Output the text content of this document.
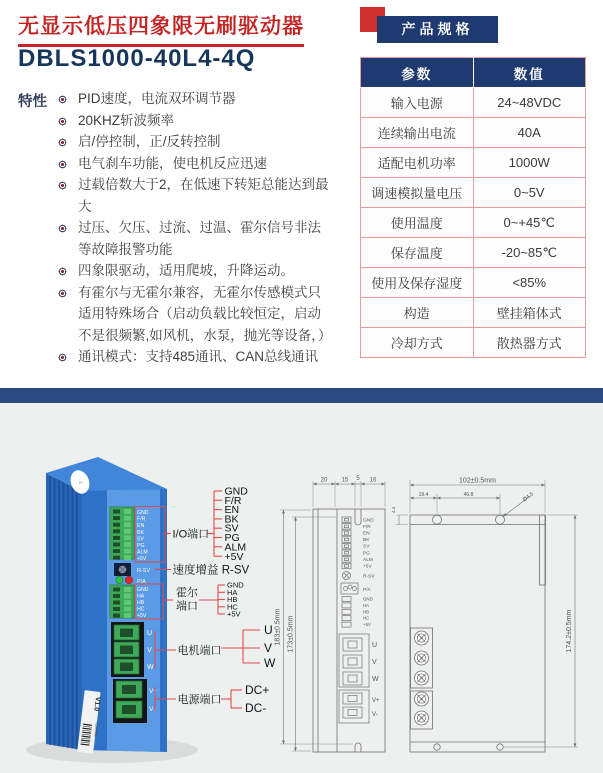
无显示低压四象限无刷驱动器
DBLS1000-40L4-4Q
特性	PID速度，电流双环调节器
20KHZ斩波频率
启/停控制，正/反转控制
电气刹车功能，使电机反应迅速
过载倍数大于2，在低速下转矩总能达到最大
过压、欠压、过流、过温、霍尔信号非法等故障报警功能
四象限驱动，适用爬坡，升降运动。
有霍尔与无霍尔兼容，无霍尔传感模式只适用特殊场合（启动负载比较恒定，启动不是很频繁,如风机，水泵，抛光等设备，）
通讯模式：支持485通讯、CAN总线通讯
产品规格
参数	数值
输入电源	24~48VDC
连续输出电流	40A
适配电机功率	1000W
调速模拟量电压	0~5V
使用温度	0~+45℃
保存温度	-20~85℃
使用及保存湿度	<85%
构造	壁挂箱体式
冷却方式	散热器方式
R
GND
F/R
EN
BK
SV
PG
ALM
+5V
R-SV
P/A
GND
HA
HB
HC
+5V
U
V
W
V+
V-
V1.0
12202408
I/O端口
GND
F/R
EN
BK
SV
PG
ALM
+5V
速度增益 R-SV
霍尔
端口
GND
HA
HB
HC
+5V
电机端口
U
V
W
电源端口
DC+
DC-
20 15 5 16
183±0.5mm 173±0.5mm
GND
F/R
EN
BK
SV
PG
ALM
+5V
R-SV
P/A
GND
HA
HB
HC
+5V
U
V
W
V+
V-
102±0.5mm
19.4	46.8	Ø4.5
4.4
174.2±0.5mm
